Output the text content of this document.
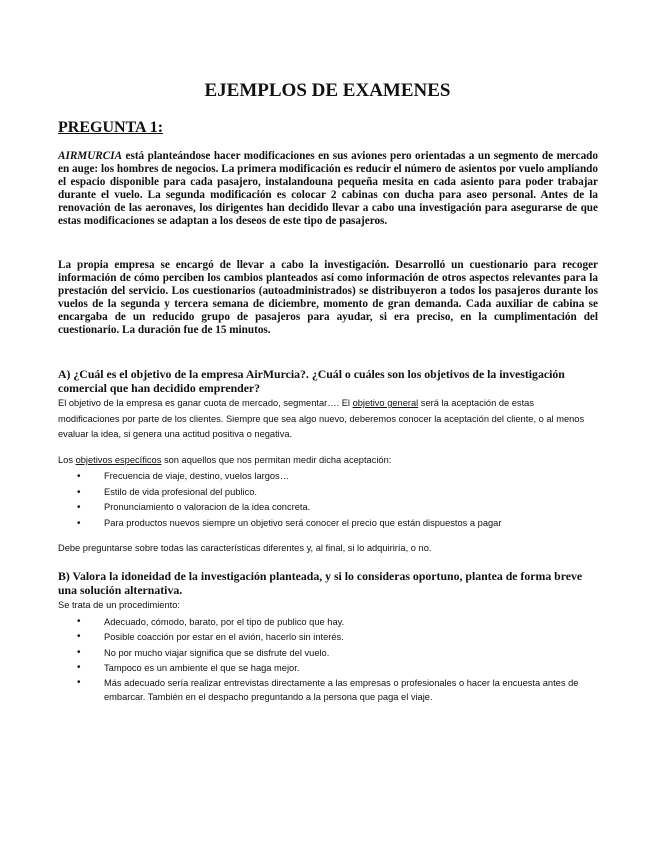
EJEMPLOS DE EXAMENES
PREGUNTA 1:

AIRMURCIA está planteándose hacer modificaciones en sus aviones pero orientadas a un segmento de mercado en auge: los hombres de negocios. La primera modificación es reducir el número de asientos por vuelo ampliando el espacio disponible para cada pasajero, instalandouna pequeña mesita en cada asiento para poder trabajar durante el vuelo. La segunda modificación es colocar 2 cabinas con ducha para aseo personal. Antes de la renovación de las aeronaves, los dirigentes han decidido llevar a cabo una investigación para asegurarse de que estas modificaciones se adaptan a los deseos de este tipo de pasajeros.

La propia empresa se encargó de llevar a cabo la investigación. Desarrolló un cuestionario para recoger información de cómo perciben los cambios planteados así como información de otros aspectos relevantes para la prestación del servicio. Los cuestionarios (autoadministrados) se distribuyeron a todos los pasajeros durante los vuelos de la segunda y tercera semana de diciembre, momento de gran demanda. Cada auxiliar de cabina se encargaba de un reducido grupo de pasajeros para ayudar, si era preciso, en la cumplimentación del cuestionario. La duración fue de 15 minutos.

A) ¿Cuál es el objetivo de la empresa AirMurcia?. ¿Cuál o cuáles son los objetivos de la investigación comercial que han decidido emprender?

El objetivo de la empresa es ganar cuota de mercado, segmentar…. El objetivo general será la aceptación de estas modificaciones por parte de los clientes. Siempre que sea algo nuevo, deberemos conocer la aceptación del cliente, o al menos evaluar la idea, si genera una actitud positiva o negativa.

Los objetivos específicos son aquellos que nos permitan medir dicha aceptación:

• Frecuencia de viaje, destino, vuelos largos…
• Estilo de vida profesional del publico.
• Pronunciamiento o valoracion de la idea concreta.
• Para productos nuevos siempre un objetivo será conocer el precio que están dispuestos a pagar

Debe preguntarse sobre todas las características diferentes y, al final, si lo adquiriría, o no.

B) Valora la idoneidad de la investigación planteada, y si lo consideras oportuno, plantea de forma breve una solución alternativa.

Se trata de un procedimiento:

• Adecuado, cómodo, barato, por el tipo de publico que hay.
• Posible coacción por estar en el avión, hacerlo sin interés.
• No por mucho viajar significa que se disfrute del vuelo.
• Tampoco es un ambiente el que se haga mejor.
• Más adecuado sería realizar entrevistas directamente a las empresas o profesionales o hacer la encuesta antes de embarcar. También en el despacho preguntando a la persona que paga el viaje.
